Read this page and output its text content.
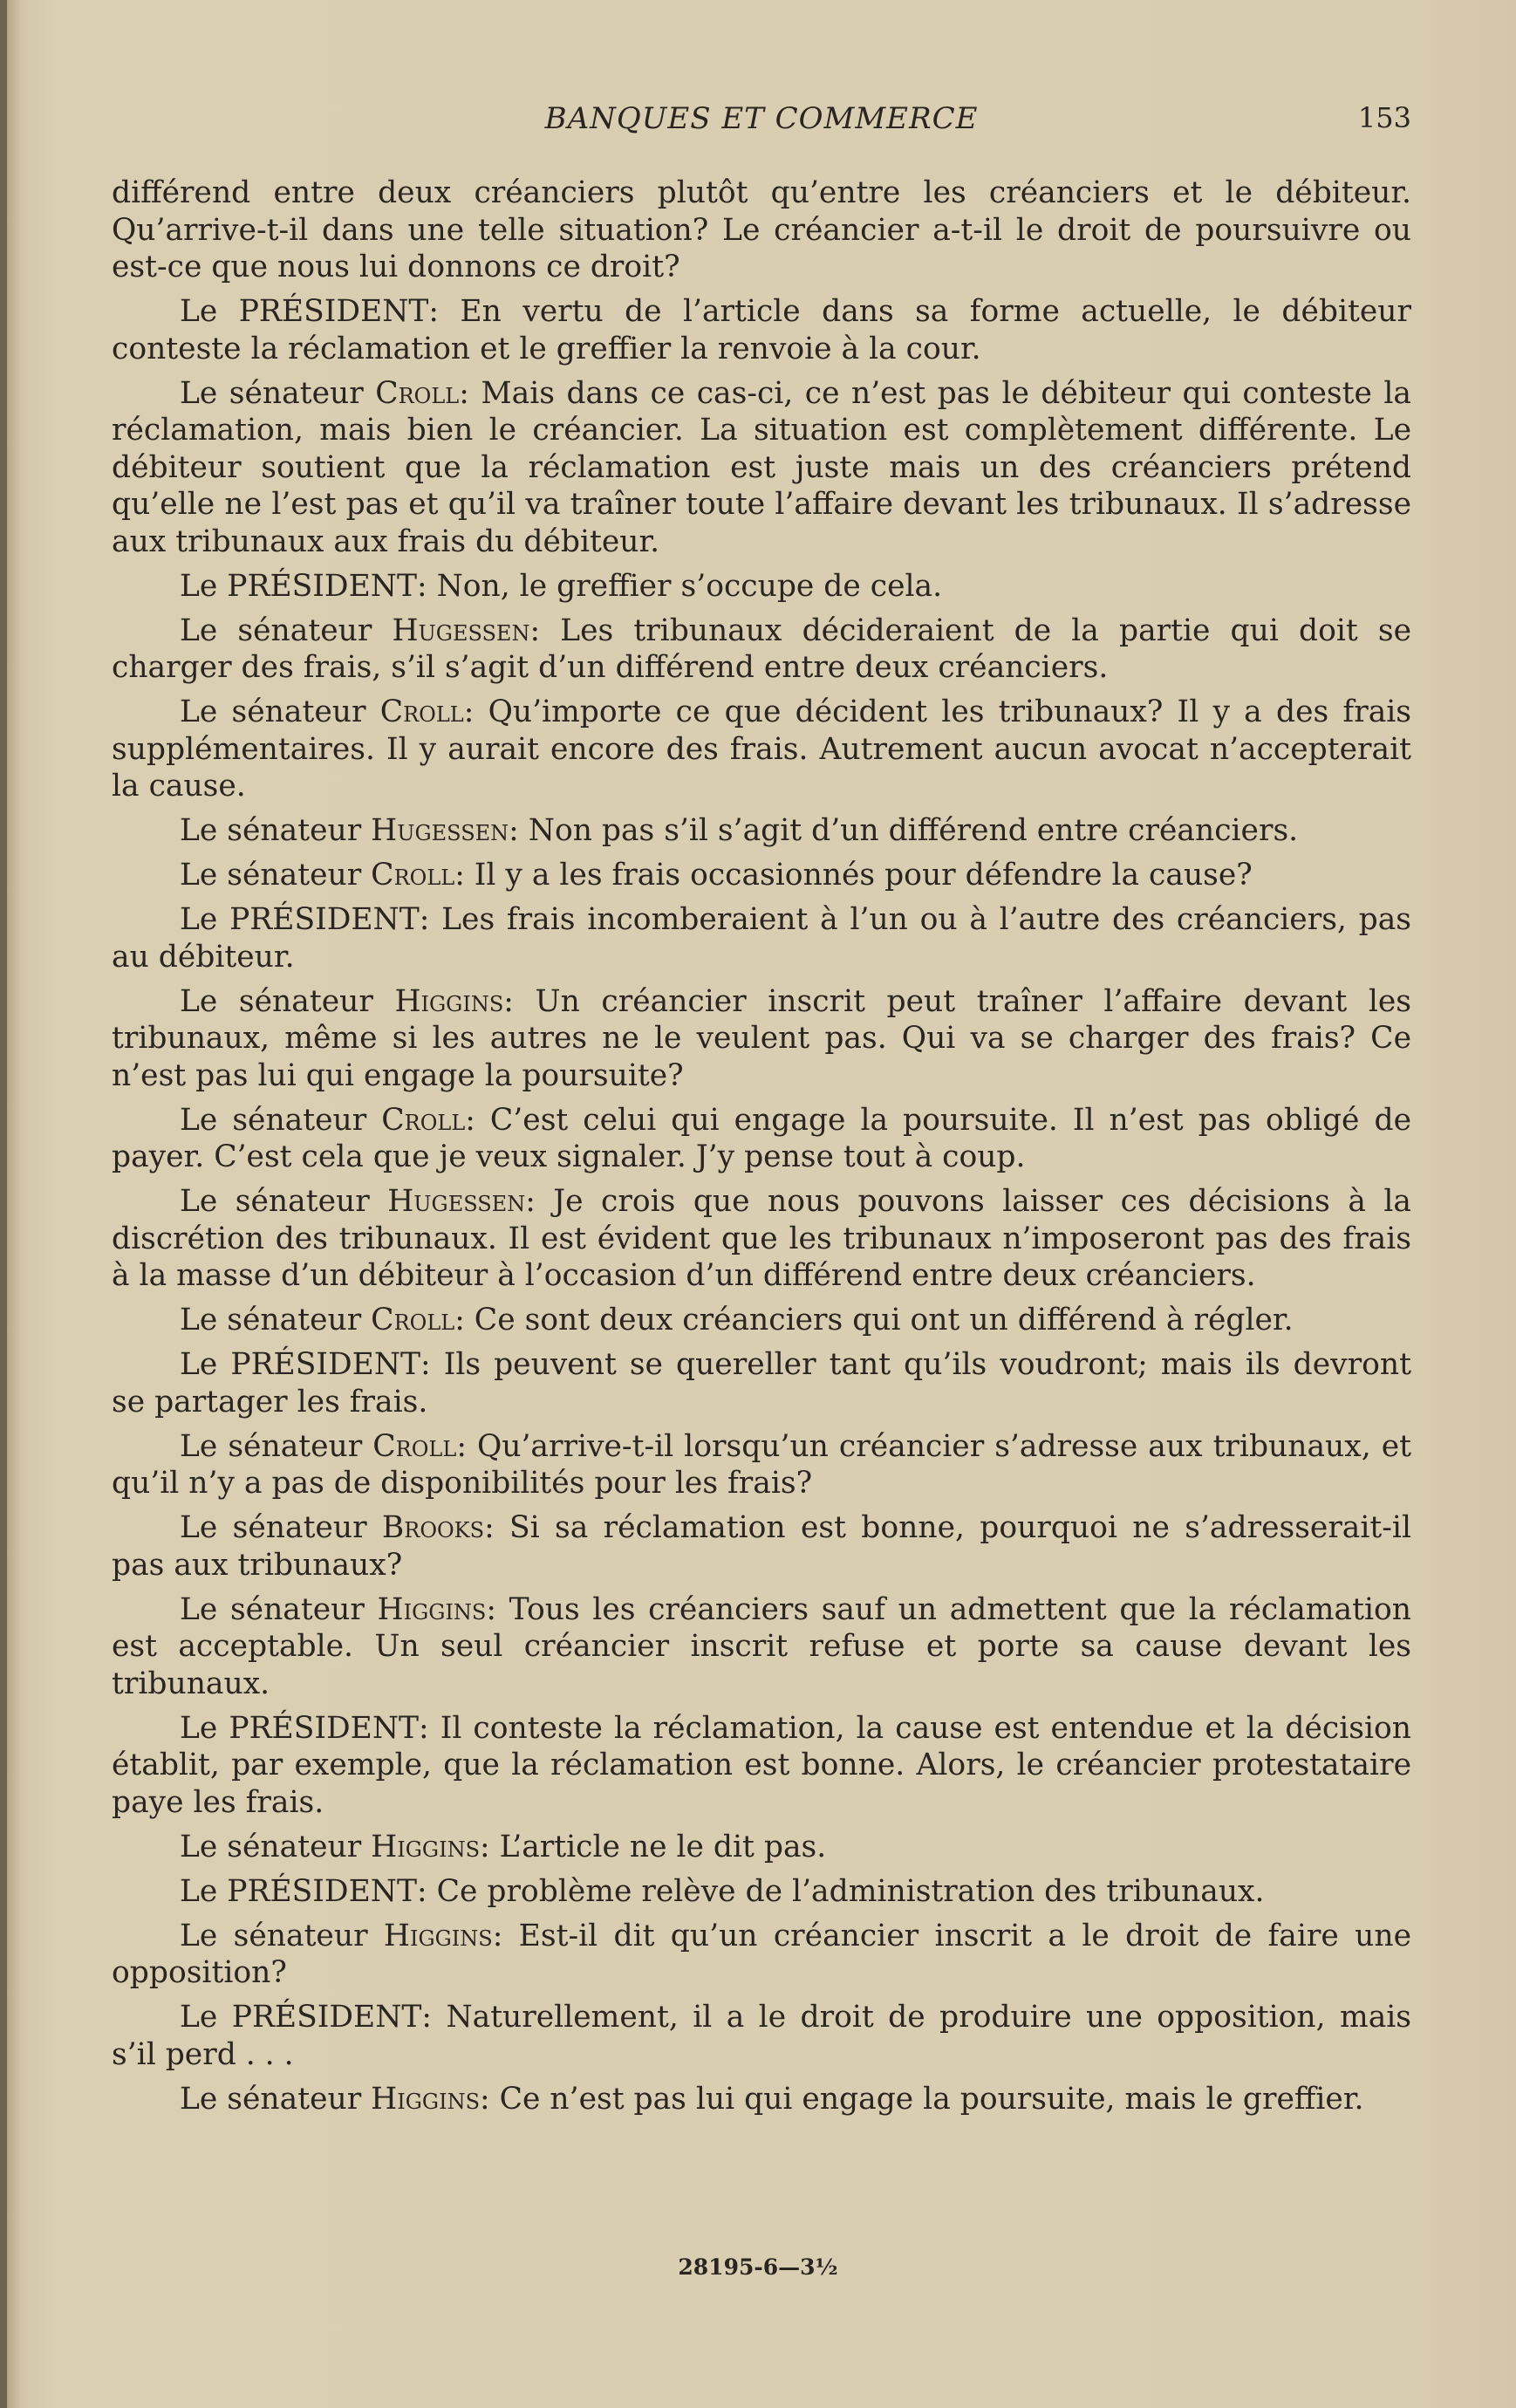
BANQUES ET COMMERCE	153

différend entre deux créanciers plutôt qu’entre les créanciers et le débiteur. Qu’arrive-t-il dans une telle situation? Le créancier a-t-il le droit de poursuivre ou est-ce que nous lui donnons ce droit?

Le PRÉSIDENT: En vertu de l’article dans sa forme actuelle, le débiteur conteste la réclamation et le greffier la renvoie à la cour.

Le sénateur Croll: Mais dans ce cas-ci, ce n’est pas le débiteur qui conteste la réclamation, mais bien le créancier. La situation est complètement différente. Le débiteur soutient que la réclamation est juste mais un des créanciers prétend qu’elle ne l’est pas et qu’il va traîner toute l’affaire devant les tribunaux. Il s’adresse aux tribunaux aux frais du débiteur.

Le PRÉSIDENT: Non, le greffier s’occupe de cela.

Le sénateur Hugessen: Les tribunaux décideraient de la partie qui doit se charger des frais, s’il s’agit d’un différend entre deux créanciers.

Le sénateur Croll: Qu’importe ce que décident les tribunaux? Il y a des frais supplémentaires. Il y aurait encore des frais. Autrement aucun avocat n’accepterait la cause.

Le sénateur Hugessen: Non pas s’il s’agit d’un différend entre créanciers.

Le sénateur Croll: Il y a les frais occasionnés pour défendre la cause?

Le PRÉSIDENT: Les frais incomberaient à l’un ou à l’autre des créanciers, pas au débiteur.

Le sénateur Higgins: Un créancier inscrit peut traîner l’affaire devant les tribunaux, même si les autres ne le veulent pas. Qui va se charger des frais? Ce n’est pas lui qui engage la poursuite?

Le sénateur Croll: C’est celui qui engage la poursuite. Il n’est pas obligé de payer. C’est cela que je veux signaler. J’y pense tout à coup.

Le sénateur Hugessen: Je crois que nous pouvons laisser ces décisions à la discrétion des tribunaux. Il est évident que les tribunaux n’imposeront pas des frais à la masse d’un débiteur à l’occasion d’un différend entre deux créanciers.

Le sénateur Croll: Ce sont deux créanciers qui ont un différend à régler.

Le PRÉSIDENT: Ils peuvent se quereller tant qu’ils voudront; mais ils devront se partager les frais.

Le sénateur Croll: Qu’arrive-t-il lorsqu’un créancier s’adresse aux tribunaux, et qu’il n’y a pas de disponibilités pour les frais?

Le sénateur Brooks: Si sa réclamation est bonne, pourquoi ne s’adresserait-il pas aux tribunaux?

Le sénateur Higgins: Tous les créanciers sauf un admettent que la réclamation est acceptable. Un seul créancier inscrit refuse et porte sa cause devant les tribunaux.

Le PRÉSIDENT: Il conteste la réclamation, la cause est entendue et la décision établit, par exemple, que la réclamation est bonne. Alors, le créancier protestataire paye les frais.

Le sénateur Higgins: L’article ne le dit pas.

Le PRÉSIDENT: Ce problème relève de l’administration des tribunaux.

Le sénateur Higgins: Est-il dit qu’un créancier inscrit a le droit de faire une opposition?

Le PRÉSIDENT: Naturellement, il a le droit de produire une opposition, mais s’il perd . . .

Le sénateur Higgins: Ce n’est pas lui qui engage la poursuite, mais le greffier.

28195-6—3½
